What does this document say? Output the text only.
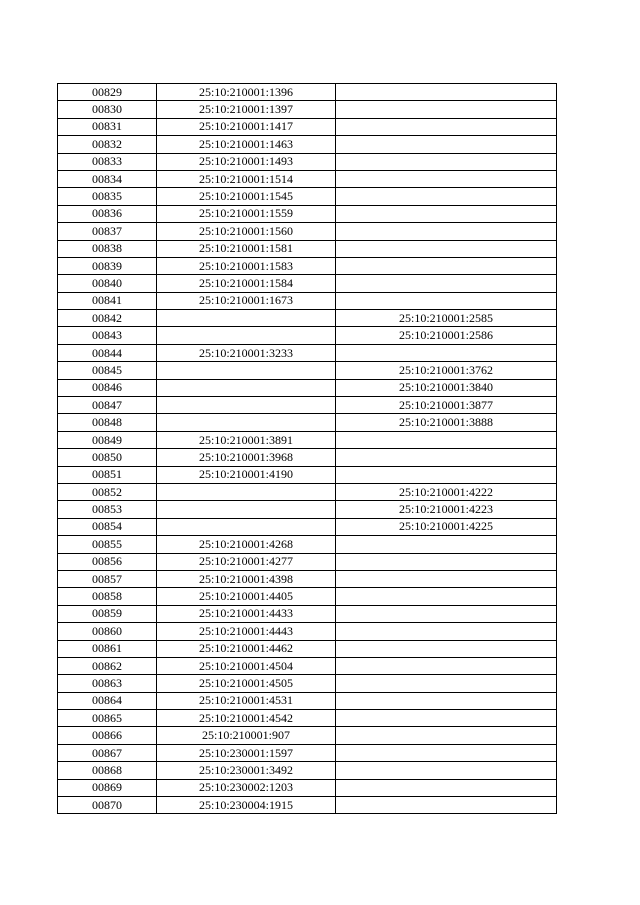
00829	25:10:210001:1396	
00830	25:10:210001:1397	
00831	25:10:210001:1417	
00832	25:10:210001:1463	
00833	25:10:210001:1493	
00834	25:10:210001:1514	
00835	25:10:210001:1545	
00836	25:10:210001:1559	
00837	25:10:210001:1560	
00838	25:10:210001:1581	
00839	25:10:210001:1583	
00840	25:10:210001:1584	
00841	25:10:210001:1673	
00842		25:10:210001:2585
00843		25:10:210001:2586
00844	25:10:210001:3233	
00845		25:10:210001:3762
00846		25:10:210001:3840
00847		25:10:210001:3877
00848		25:10:210001:3888
00849	25:10:210001:3891	
00850	25:10:210001:3968	
00851	25:10:210001:4190	
00852		25:10:210001:4222
00853		25:10:210001:4223
00854		25:10:210001:4225
00855	25:10:210001:4268	
00856	25:10:210001:4277	
00857	25:10:210001:4398	
00858	25:10:210001:4405	
00859	25:10:210001:4433	
00860	25:10:210001:4443	
00861	25:10:210001:4462	
00862	25:10:210001:4504	
00863	25:10:210001:4505	
00864	25:10:210001:4531	
00865	25:10:210001:4542	
00866	25:10:210001:907	
00867	25:10:230001:1597	
00868	25:10:230001:3492	
00869	25:10:230002:1203	
00870	25:10:230004:1915	
